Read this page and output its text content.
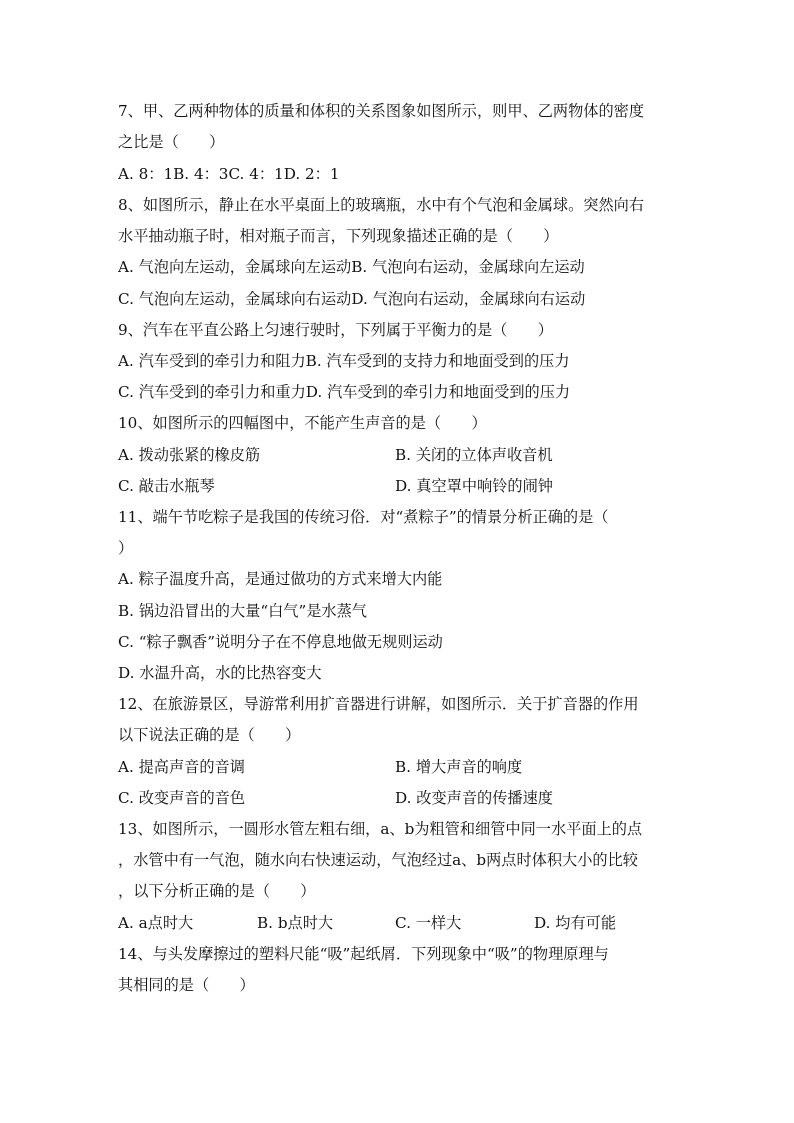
7、甲、乙两种物体的质量和体积的关系图象如图所示，则甲、乙两物体的密度
之比是（　　）
A. 8：1B. 4：3C. 4：1D. 2：1
8、如图所示，静止在水平桌面上的玻璃瓶，水中有个气泡和金属球。突然向右
水平抽动瓶子时，相对瓶子而言，下列现象描述正确的是（　　）
A. 气泡向左运动，金属球向左运动B. 气泡向右运动，金属球向左运动
C. 气泡向左运动，金属球向右运动D. 气泡向右运动，金属球向右运动
9、汽车在平直公路上匀速行驶时，下列属于平衡力的是（　　）
A. 汽车受到的牵引力和阻力B. 汽车受到的支持力和地面受到的压力
C. 汽车受到的牵引力和重力D. 汽车受到的牵引力和地面受到的压力
10、如图所示的四幅图中，不能产生声音的是（　　）
A. 拨动张紧的橡皮筋	B. 关闭的立体声收音机
C. 敲击水瓶琴	D. 真空罩中响铃的闹钟
11、端午节吃粽子是我国的传统习俗．对“煮粽子”的情景分析正确的是（
）
A. 粽子温度升高，是通过做功的方式来增大内能
B. 锅边沿冒出的大量“白气”是水蒸气
C. “粽子飘香”说明分子在不停息地做无规则运动
D. 水温升高，水的比热容变大
12、在旅游景区，导游常利用扩音器进行讲解，如图所示．关于扩音器的作用
以下说法正确的是（　　）
A. 提高声音的音调	B. 增大声音的响度
C. 改变声音的音色	D. 改变声音的传播速度
13、如图所示，一圆形水管左粗右细，a、b为粗管和细管中同一水平面上的点
，水管中有一气泡，随水向右快速运动，气泡经过a、b两点时体积大小的比较
，以下分析正确的是（　　）
A. a点时大	B. b点时大	C. 一样大	D. 均有可能
14、与头发摩擦过的塑料尺能“吸”起纸屑．下列现象中“吸”的物理原理与
其相同的是（　　）
